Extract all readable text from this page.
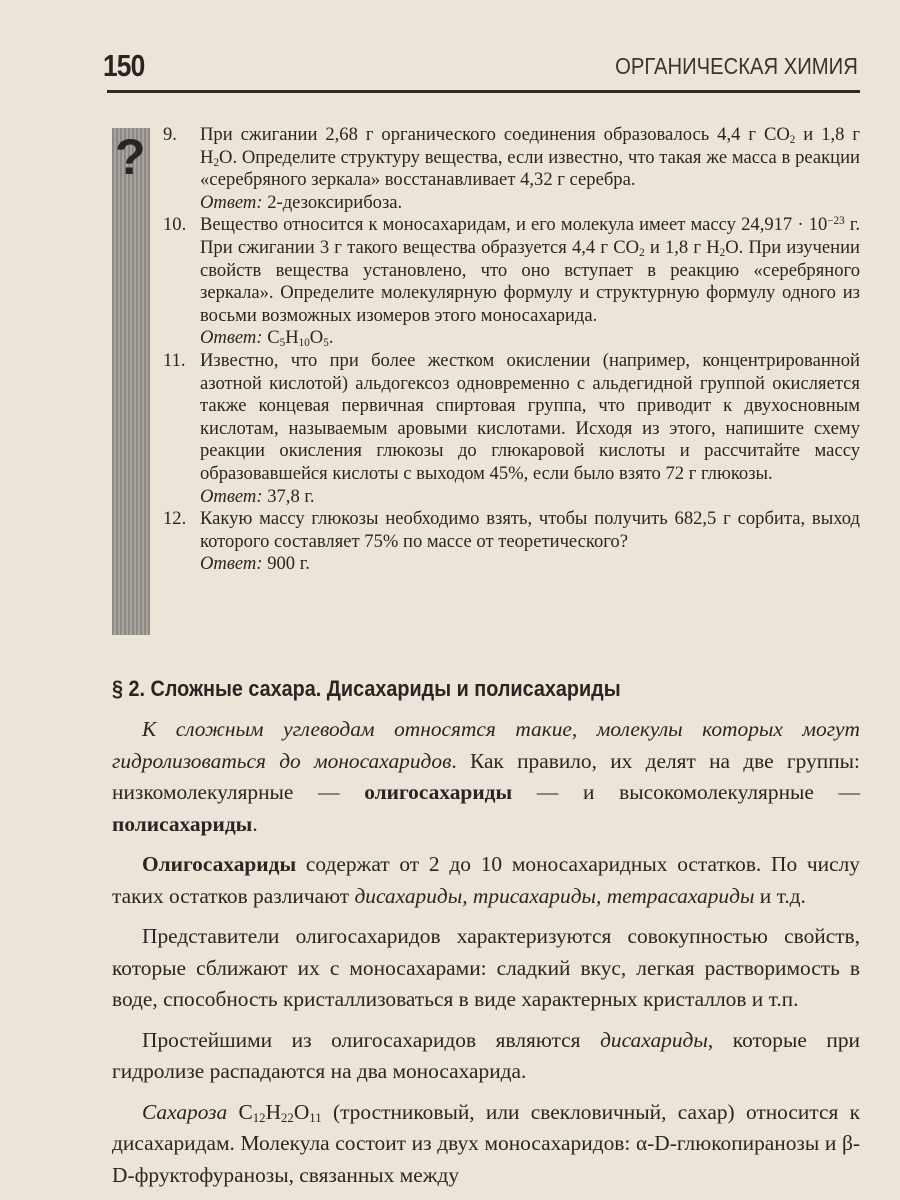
150	ОРГАНИЧЕСКАЯ ХИМИЯ
? 9.	При сжигании 2,68 г органического соединения образовалось 4,4 г $CO_2$ и 1,8 г $H_2O$. Определите структуру вещества, если известно, что такая же масса в реакции «серебряного зеркала» восстанавливает 4,32 г серебра.
Ответ: 2-дезоксирибоза.
10. Вещество относится к моносахаридам, и его молекула имеет массу $24,917 \cdot 10^{-23}$ г. При сжигании 3 г такого вещества образуется 4,4 г $CO_2$ и 1,8 г $H_2O$. При изучении свойств вещества установлено, что оно вступает в реакцию «серебряного зеркала». Определите молекулярную формулу и структурную формулу одного из восьми возможных изомеров этого моносахарида.
Ответ: $C_5H_{10}O_5$.
11. Известно, что при более жестком окислении (например, концентрированной азотной кислотой) альдогексоз одновременно с альдегидной группой окисляется также концевая первичная спиртовая группа, что приводит к двухосновным кислотам, называемым аровыми кислотами. Исходя из этого, напишите схему реакции окисления глюкозы до глюкаровой кислоты и рассчитайте массу образовавшейся кислоты с выходом 45%, если было взято 72 г глюкозы.
Ответ: 37,8 г.
12. Какую массу глюкозы необходимо взять, чтобы получить 682,5 г сорбита, выход которого составляет 75% по массе от теоретического?
Ответ: 900 г.
§ 2. Сложные сахара. Дисахариды и полисахариды

К сложным углеводам относятся такие, молекулы которых могут гидролизоваться до моносахаридов. Как правило, их делят на две группы: низкомолекулярные — олигосахариды — и высокомолекулярные — полисахариды.

Олигосахариды содержат от 2 до 10 моносахаридных остатков. По числу таких остатков различают дисахариды, трисахариды, тетрасахариды и т.д.

Представители олигосахаридов характеризуются совокупностью свойств, которые сближают их с моносахарами: сладкий вкус, легкая растворимость в воде, способность кристаллизоваться в виде характерных кристаллов и т.п.

Простейшими из олигосахаридов являются дисахариды, которые при гидролизе распадаются на два моносахарида.

Сахароза $C_{12}H_{22}O_{11}$ (тростниковый, или свекловичный, сахар) относится к дисахаридам. Молекула состоит из двух моносахаридов: α-D-глюкопиранозы и β-D-фруктофуранозы, связанных между
